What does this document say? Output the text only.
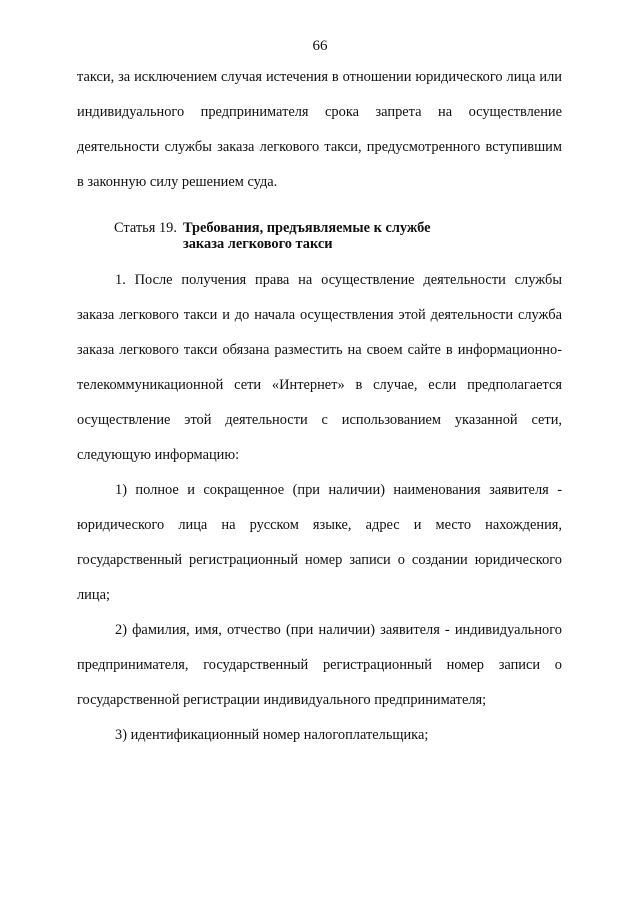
66

такси, за исключением случая истечения в отношении юридического лица или индивидуального предпринимателя срока запрета на осуществление деятельности службы заказа легкового такси, предусмотренного вступившим в законную силу решением суда.

Статья 19. Требования, предъявляемые к службе заказа легкового такси

1. После получения права на осуществление деятельности службы заказа легкового такси и до начала осуществления этой деятельности служба заказа легкового такси обязана разместить на своем сайте в информационно-телекоммуникационной сети «Интернет» в случае, если предполагается осуществление этой деятельности с использованием указанной сети, следующую информацию:

1) полное и сокращенное (при наличии) наименования заявителя - юридического лица на русском языке, адрес и место нахождения, государственный регистрационный номер записи о создании юридического лица;

2) фамилия, имя, отчество (при наличии) заявителя - индивидуального предпринимателя, государственный регистрационный номер записи о государственной регистрации индивидуального предпринимателя;

3) идентификационный номер налогоплательщика;
